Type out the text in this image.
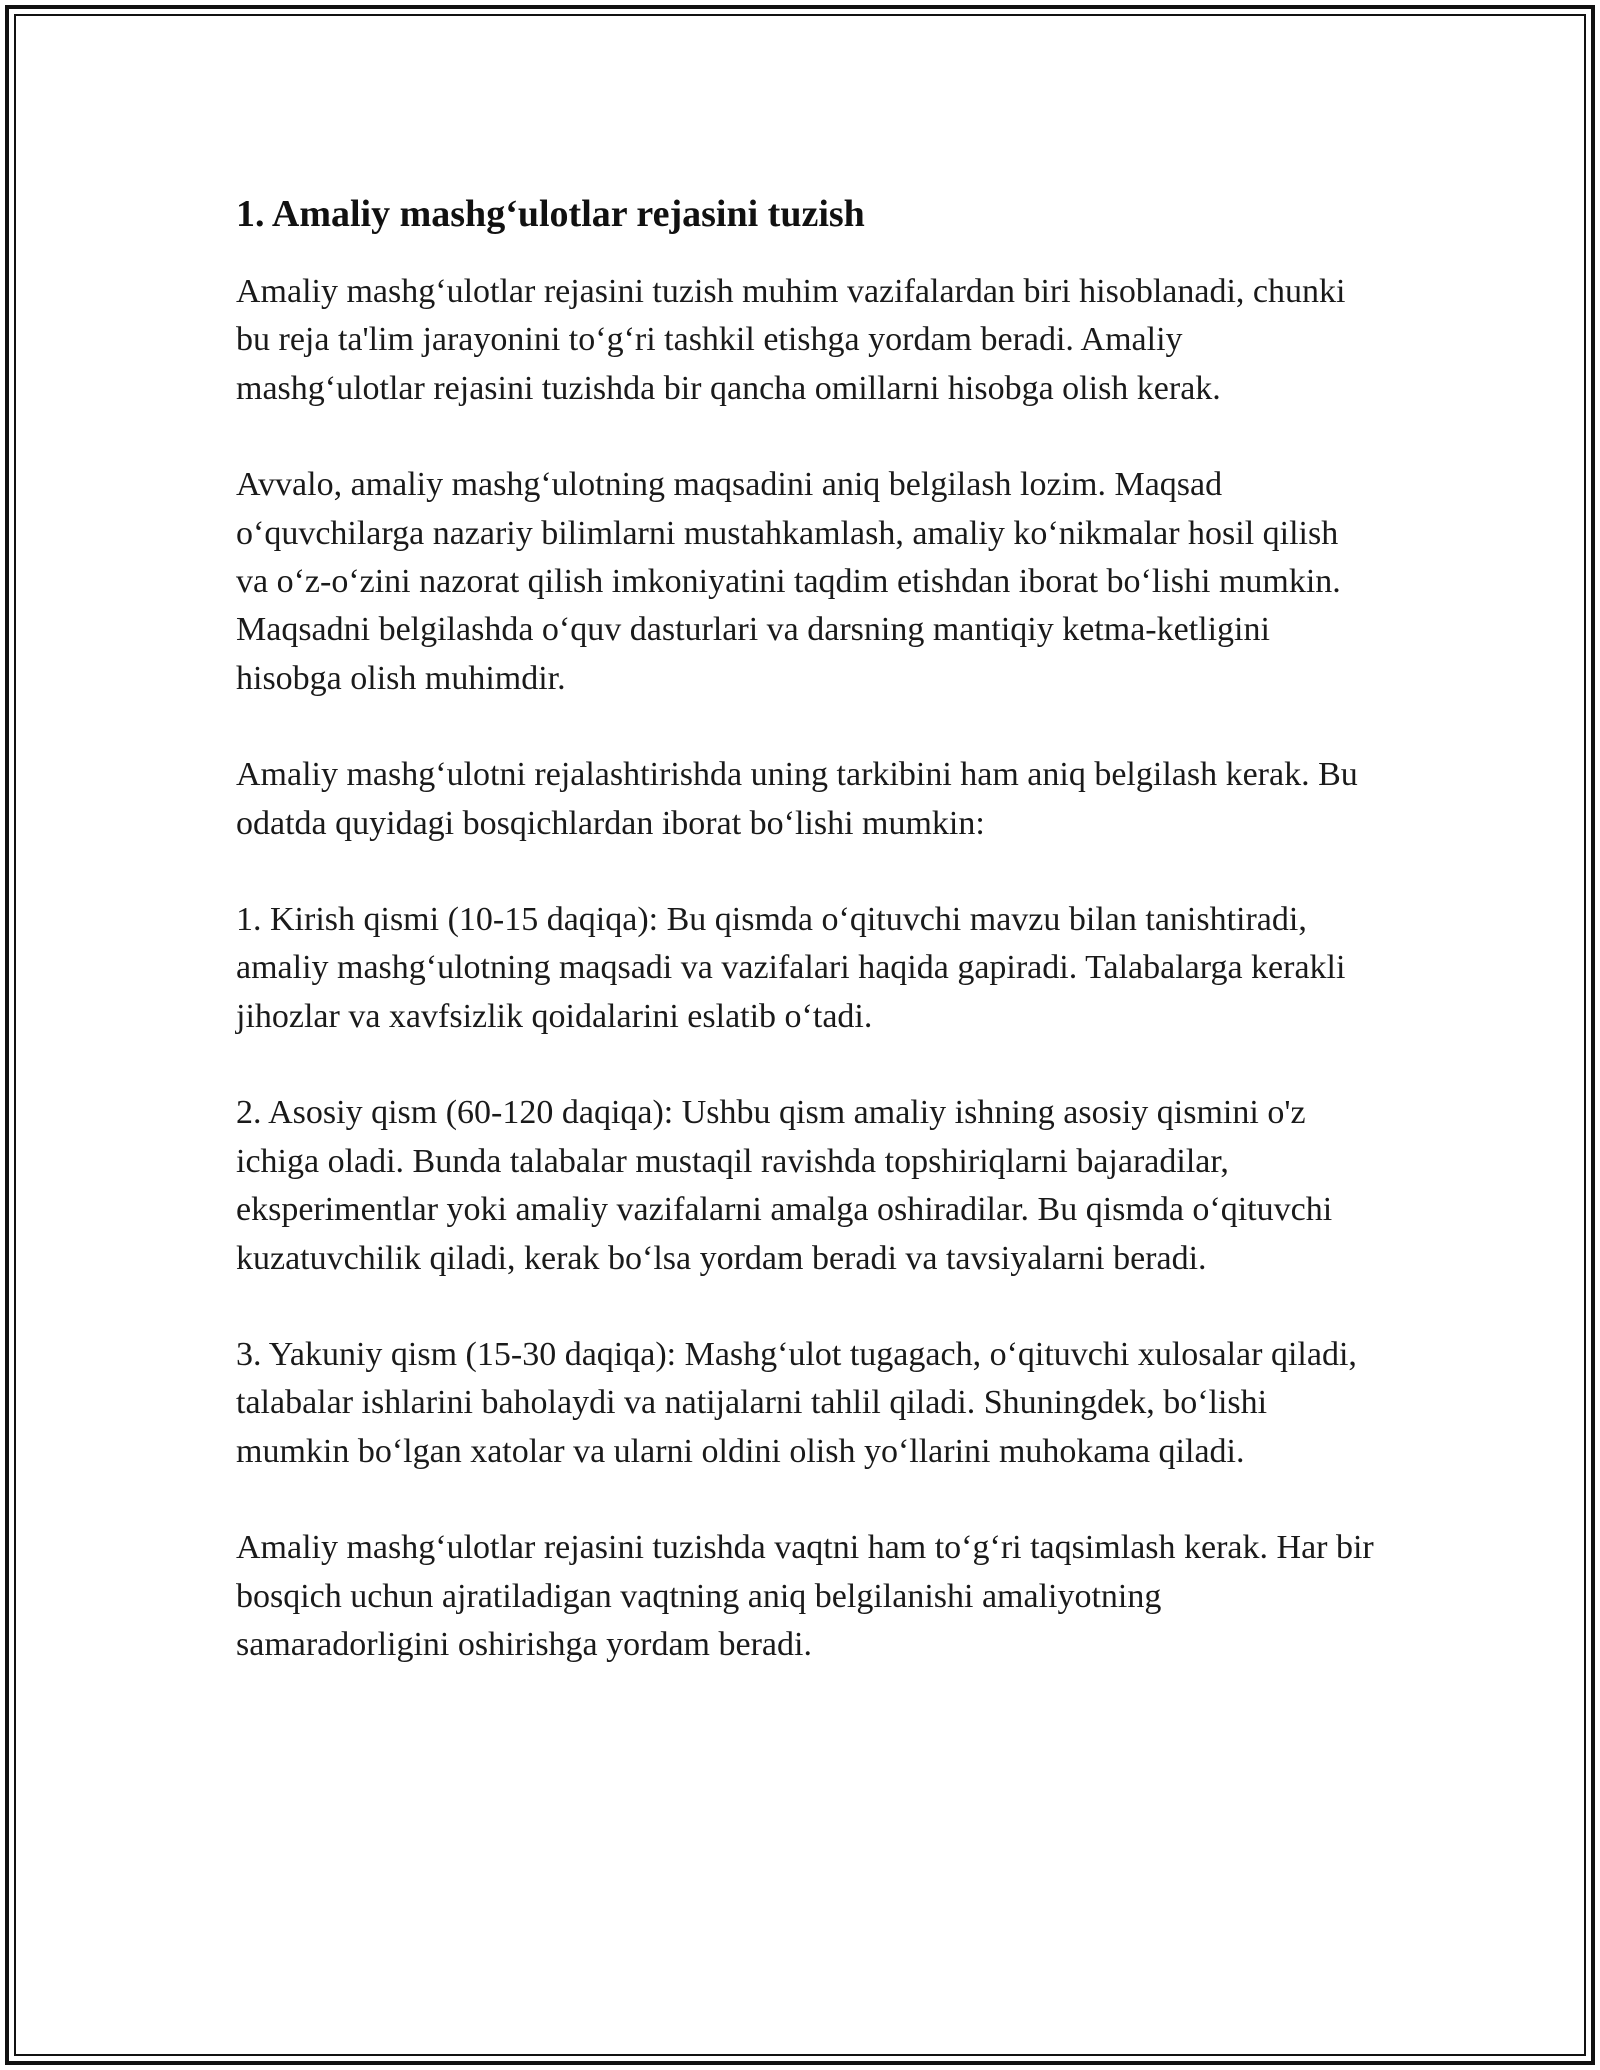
1. Amaliy mashg‘ulotlar rejasini tuzish

Amaliy mashg‘ulotlar rejasini tuzish muhim vazifalardan biri hisoblanadi, chunki bu reja ta'lim jarayonini to‘g‘ri tashkil etishga yordam beradi. Amaliy mashg‘ulotlar rejasini tuzishda bir qancha omillarni hisobga olish kerak.

Avvalo, amaliy mashg‘ulotning maqsadini aniq belgilash lozim. Maqsad o‘quvchilarga nazariy bilimlarni mustahkamlash, amaliy ko‘nikmalar hosil qilish va o‘z-o‘zini nazorat qilish imkoniyatini taqdim etishdan iborat bo‘lishi mumkin. Maqsadni belgilashda o‘quv dasturlari va darsning mantiqiy ketma-ketligini hisobga olish muhimdir.

Amaliy mashg‘ulotni rejalashtirishda uning tarkibini ham aniq belgilash kerak. Bu odatda quyidagi bosqichlardan iborat bo‘lishi mumkin:

1. Kirish qismi (10-15 daqiqa): Bu qismda o‘qituvchi mavzu bilan tanishtiradi, amaliy mashg‘ulotning maqsadi va vazifalari haqida gapiradi. Talabalarga kerakli jihozlar va xavfsizlik qoidalarini eslatib o‘tadi.

2. Asosiy qism (60-120 daqiqa): Ushbu qism amaliy ishning asosiy qismini o'z ichiga oladi. Bunda talabalar mustaqil ravishda topshiriqlarni bajaradilar, eksperimentlar yoki amaliy vazifalarni amalga oshiradilar. Bu qismda o‘qituvchi kuzatuvchilik qiladi, kerak bo‘lsa yordam beradi va tavsiyalarni beradi.

3. Yakuniy qism (15-30 daqiqa): Mashg‘ulot tugagach, o‘qituvchi xulosalar qiladi, talabalar ishlarini baholaydi va natijalarni tahlil qiladi. Shuningdek, bo‘lishi mumkin bo‘lgan xatolar va ularni oldini olish yo‘llarini muhokama qiladi.

Amaliy mashg‘ulotlar rejasini tuzishda vaqtni ham to‘g‘ri taqsimlash kerak. Har bir bosqich uchun ajratiladigan vaqtning aniq belgilanishi amaliyotning samaradorligini oshirishga yordam beradi.
